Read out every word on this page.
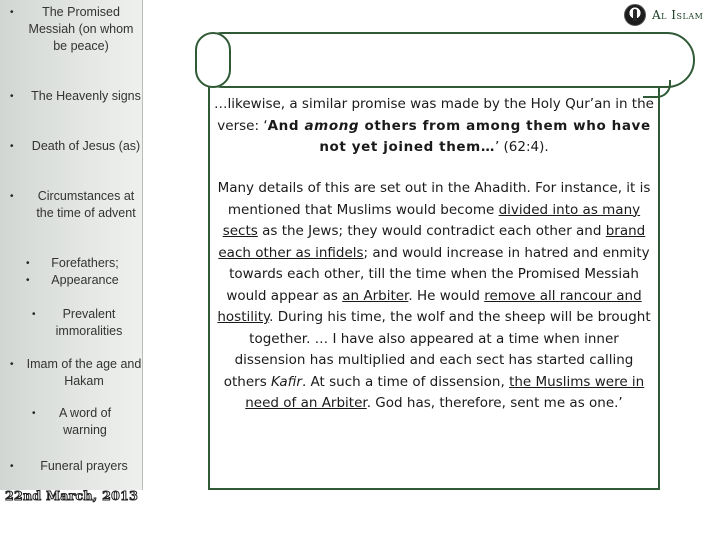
•	The Promised Messiah (on whom be peace)
• The Heavenly signs
• Death of Jesus (as)
•	Circumstances at the time of advent
•
•
Forefathers; Appearance
•	Prevalent immoralities
• Imam of the age and Hakam
•	A word of warning
•	Funeral prayers
22nd March, 2013
Al Islam
…likewise, a similar promise was made by the Holy Qur’an in the verse: ‘And among others from among them who have not yet joined them…’ (62:4).
Many details of this are set out in the Ahadith. For instance, it is mentioned that Muslims would become divided into as many sects as the Jews; they would contradict each other and brand each other as infidels; and would increase in hatred and enmity towards each other, till the time when the Promised Messiah would appear as an Arbiter. He would remove all rancour and hostility. During his time, the wolf and the sheep will be brought together. … I have also appeared at a time when inner dissension has multiplied and each sect has started calling others Kafir. At such a time of dissension, the Muslims were in need of an Arbiter. God has, therefore, sent me as one.’
